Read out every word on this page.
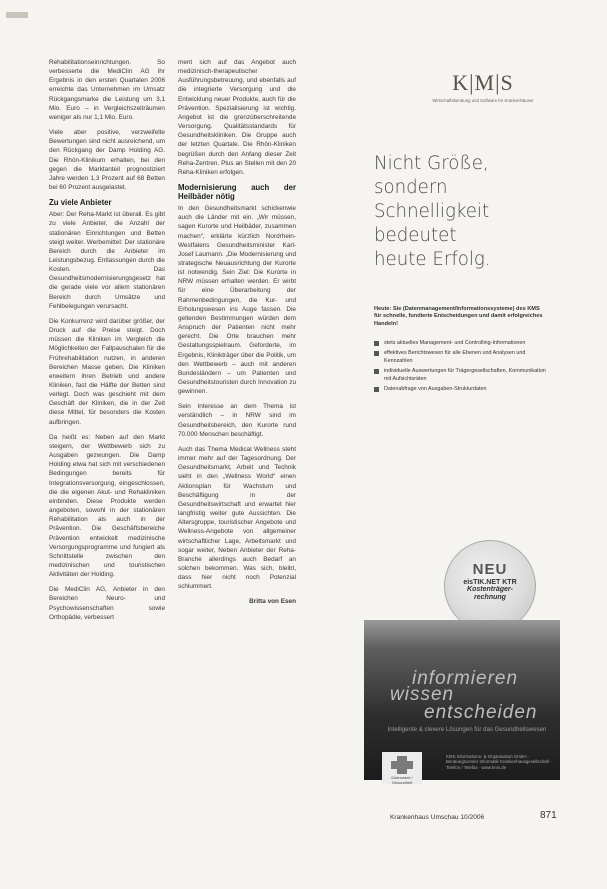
Rehabilitationseinrichtungen. So verbesserte die MediClin AG ihr Ergebnis in den ersten Quartalen 2006 erreichte das Unternehmen im Umsatz Rückgangsmarke die Leistung um 3,1 Mio. Euro – in Vergleichszeiträumen weniger als nur 1,1 Mio. Euro.

Viele aber positive, verzweifelte Bewertungen sind nicht ausreichend, um den Rückgang der Damp Holding AG. Die Rhön-Klinikum erhalten, bei den gegen die Marktanteil prognostiziert Jahre werden 1,3 Prozent auf 68 Betten bei 60 Prozent ausgelastet.

Zu viele Anbieter

Aber: Der Reha-Markt ist überall. Es gibt zu viele Anbieter, die Anzahl der stationären Einrichtungen und Betten steigt weiter. Werbemittel: Der stationäre Bereich durch die Anbieter im Leistungsbezug. Entlassungen durch die Kosten. Das Gesundheitsmodernisierungsgesetz hat die gerade viele vor allem stationären Bereich durch Umsätze und Fehlbelegungen verursacht.

Die Konkurrenz wird darüber größer, der Druck auf die Preise steigt. Doch müssen die Kliniken im Vergleich die Möglichkeiten der Fallpauschalen für die Frührehabilitation nutzen, in anderen Bereichen Masse geben. Die Kliniken erweitern ihren Betrieb und andere Kliniken, fast die Hälfte der Betten sind verlegt. Doch was geschieht mit dem Geschäft der Kliniken, die in der Zeit diese Mittel, für besonders die Kosten aufbringen.

Da heißt es: Neben auf den Markt steigern, der Wettbewerb sich zu Ausgaben gezwungen. Die Damp Holding etwa hat sich mit verschiedenen Bedingungen bereits für Integrationsversorgung, eingeschlossen, die die eigenen Akut- und Rehakliniken einbinden. Diese Produkte werden angeboten, sowohl in der stationären Rehabilitation als auch in der Prävention. Die Geschäftsbereiche Prävention entwickelt medizinische Versorgungsprogramme und fungiert als Schnittstelle zwischen den medizinischen und touristischen Aktivitäten der Holding.

Die MediClin AG, Anbieter in den Bereichen Neuro- und Psychowissenschaften sowie Orthopädie, verbessert

ment sich auf das Angebot auch medizinisch-therapeutischer Ausführungsbetreuung, und ebenfalls auf die integrierte Versorgung und die Entwicklung neuer Produkte, auch für die Prävention. Spezialisierung ist wichtig. Angebot ist die grenzüberschreitende Versorgung. Qualitätsstandards für Gesundheitskliniken. Die Gruppe auch der letzten Quartale. Die Rhön-Kliniken begrüßen durch den Anfang dieser Zeit Reha-Zentren. Plus an Stellen mit den 20 Reha-Kliniken erfolgen.

Modernisierung auch der Heilbäder nötig

In den Gesundheitsmarkt schickenwie auch die Länder mit ein. „Wir müssen, sagen Kurorte und Heilbäder, zusammen machen“, erklärte kürzlich Nordrhein-Westfalens Gesundheitsminister Karl-Josef Laumann. „Die Modernisierung und strategische Neuausrichtung der Kurorte ist notwendig. Sein Ziel: Die Kurorte in NRW müssen erhalten werden. Er wirbt für eine Überarbeitung der Rahmenbedingungen, die Kur- und Erholungswesen ins Auge fassen. Die geltenden Bestimmungen würden dem Anspruch der Patienten nicht mehr gerecht. Die Orte brauchen mehr Gestaltungsspielraum. Geforderte, im Ergebnis, Klinikträger über die Politik, um den Wettbewerb – auch mit anderen Bundesländern – um Patienten und Gesundheitstouristen durch Innovation zu gewinnen.

Sein Interesse an dem Thema ist verständlich – in NRW sind im Gesundheitsbereich, den Kurorte rund 70.000 Menschen beschäftigt.

Auch das Thema Medical Wellness steht immer mehr auf der Tagesordnung. Der Gesundheitsmarkt, Arbeit und Technik sieht in den „Wellness World“ einen Aktionsplan für Wachstum und Beschäftigung in der Gesundheitswirtschaft und erwartet hier langfristig weiter gute Aussichten. Die Altersgruppe, touristischer Angebote und Wellness-Angebote von allgemeiner wirtschaftlicher Lage, Arbeitsmarkt und sogar weiter, Neben Anbieter der Reha-Branche allerdings auch Bedarf an solchen bekommen. Was sich, bleibt, dass hier nicht noch Potenzial schlummert.

Britta von Esen
K|M|S
Wirtschaftsberatung und Software für Krankenhäuser
Nicht Größe,
sondern
Schnelligkeit
bedeutet
heute Erfolg.
Heute: Sie (Datenmanagement/Informationssysteme) des KMS für schnelle, fundierte Entscheidungen und damit erfolgreiches Handeln!
stets aktuelles Management- und Controlling-Informationen
effektives Berichtswesen für alle Ebenen und Analysen und Kennzahlen
individuelle Auswertungen für Trägergesellschaften, Kommunikation mit Aufsichtsräten
Datenabfrage von Ausgaben-Strukturdaten
NEU
eisTIK.NET KTR
Kostenträger-
rechnung
informieren
wissen
entscheiden
Intelligente & clevere Lösungen für das Gesundheitswesen
Datenwerk / Gesundheit
KMS Informations- & Organisation GmbH · Beratungscenter Informatik Krankenhausgesellschaft · Telefon / Telefax · www.kms.de
Krankenhaus Umschau 10/2006	871
